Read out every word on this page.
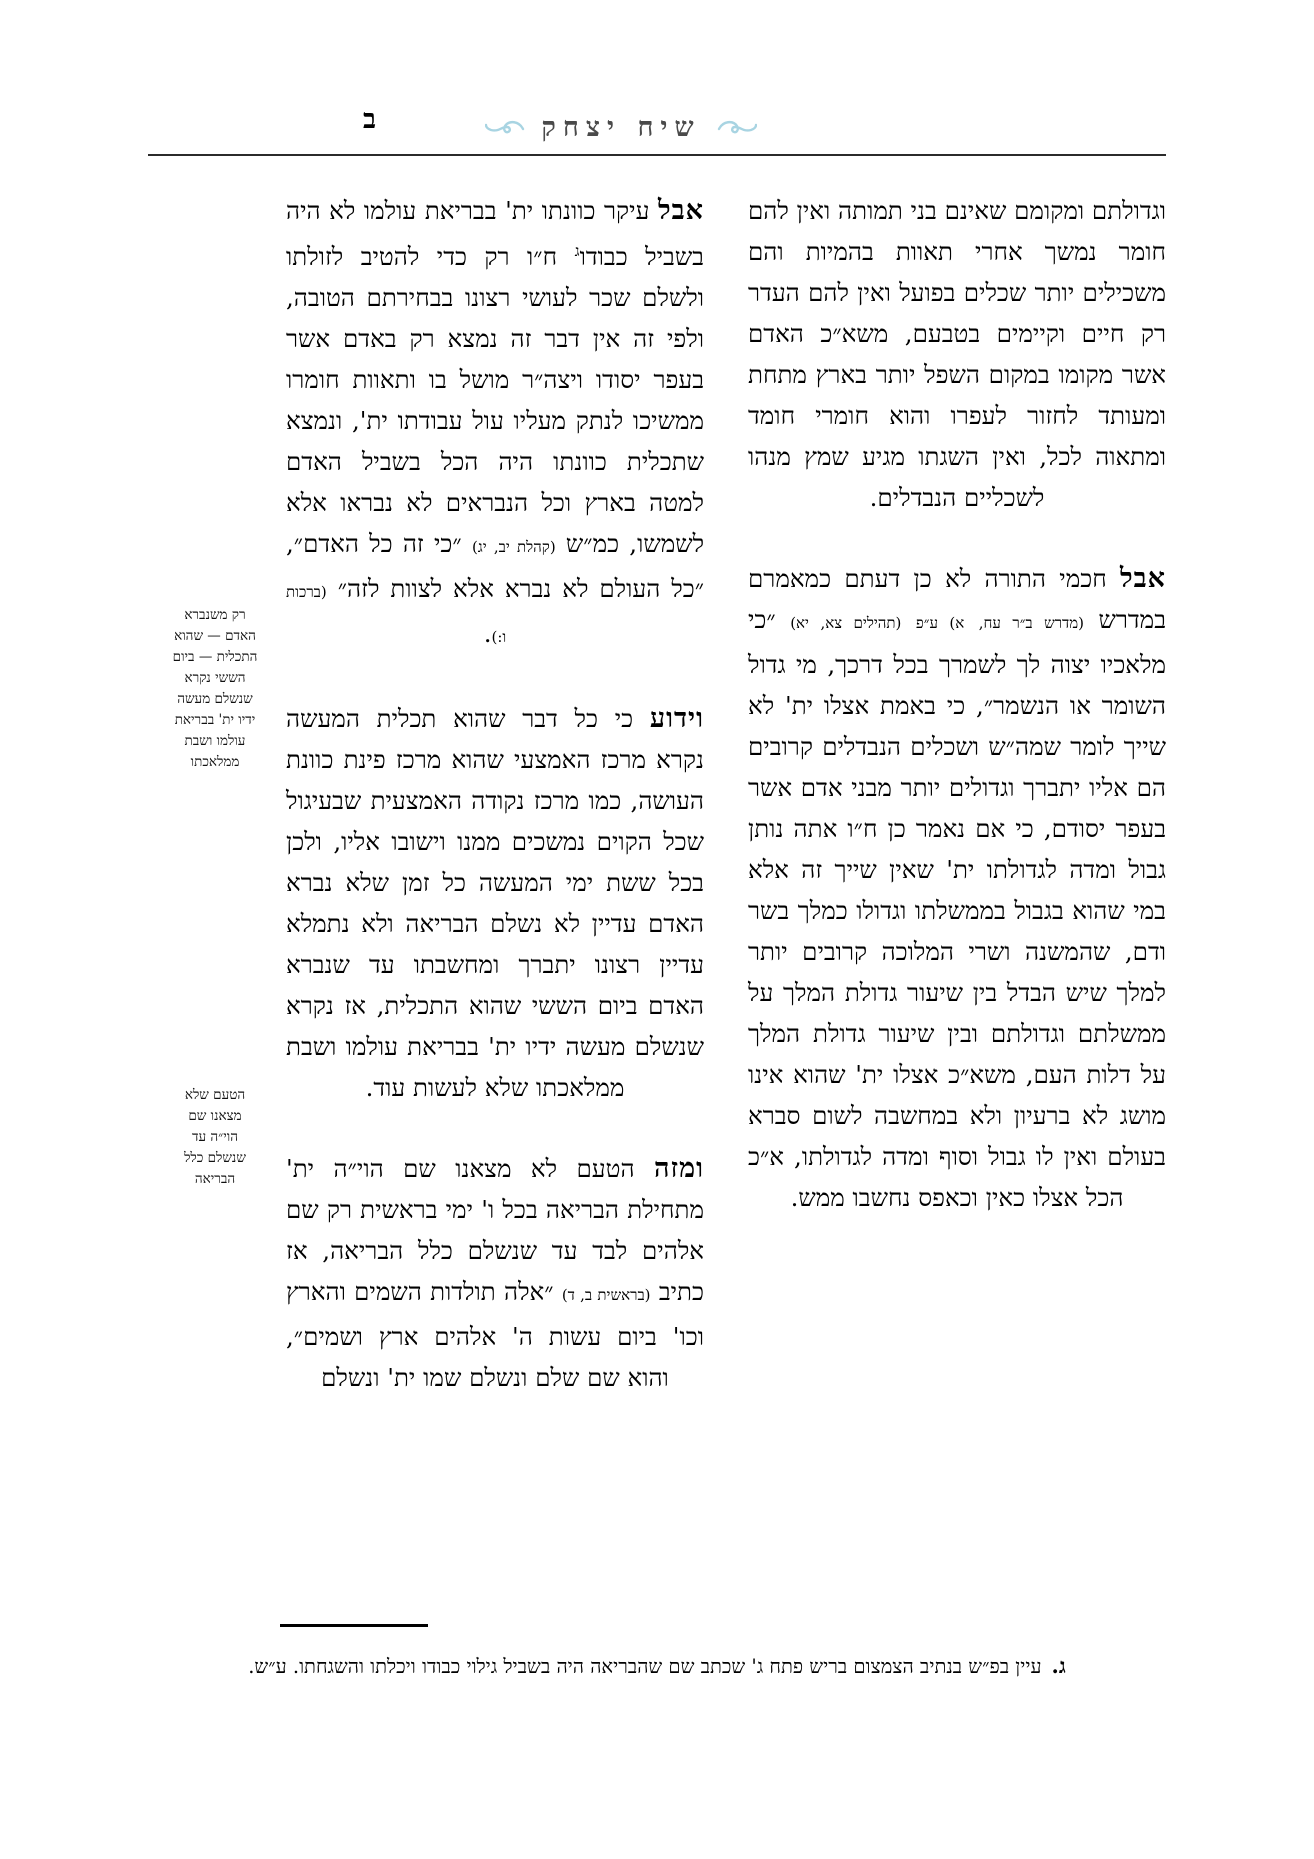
ב	שיח יצחק

וגדולתם ומקומם שאינם בני תמותה ואין להם חומר נמשך אחרי תאוות בהמיות והם משכילים יותר שכלים בפועל ואין להם העדר רק חיים וקיימים בטבעם, משא״כ האדם אשר מקומו במקום השפל יותר בארץ מתחת ומעותד לחזור לעפרו והוא חומרי חומד ומתאוה לכל, ואין השגתו מגיע שמץ מנהו לשכליים הנבדלים.

אבל חכמי התורה לא כן דעתם כמאמרם במדרש (מדרש ב״ר עח, א) ע״פ (תהילים צא, יא) ״כי מלאכיו יצוה לך לשמרך בכל דרכך, מי גדול השומר או הנשמר״, כי באמת אצלו ית' לא שייך לומר שמה״ש ושכלים הנבדלים קרובים הם אליו יתברך וגדולים יותר מבני אדם אשר בעפר יסודם, כי אם נאמר כן ח״ו אתה נותן גבול ומדה לגדולתו ית' שאין שייך זה אלא במי שהוא בגבול בממשלתו וגדולו כמלך בשר ודם, שהמשנה ושרי המלוכה קרובים יותר למלך שיש הבדל בין שיעור גדולת המלך על ממשלתם וגדולתם ובין שיעור גדולת המלך על דלות העם, משא״כ אצלו ית' שהוא אינו מושג לא ברעיון ולא במחשבה לשום סברא בעולם ואין לו גבול וסוף ומדה לגדולתו, א״כ הכל אצלו כאין וכאפס נחשבו ממש.

אבל עיקר כוונתו ית' בבריאת עולמו לא היה בשביל כבודו$^ג$ ח״ו רק כדי להטיב לזולתו ולשלם שכר לעושי רצונו בבחירתם הטובה, ולפי זה אין דבר זה נמצא רק באדם אשר בעפר יסודו ויצה״ר מושל בו ותאוות חומרו ממשיכו לנתק מעליו עול עבודתו ית', ונמצא שתכלית כוונתו היה הכל בשביל האדם למטה בארץ וכל הנבראים לא נבראו אלא לשמשו, כמ״ש (קהלת יב, יג) ״כי זה כל האדם״, ״כל העולם לא נברא אלא לצוות לזה״ (ברכות ו:).

וידוע כי כל דבר שהוא תכלית המעשה נקרא מרכז האמצעי שהוא מרכז פינת כוונת העושה, כמו מרכז נקודה האמצעית שבעיגול שכל הקוים נמשכים ממנו וישובו אליו, ולכן בכל ששת ימי המעשה כל זמן שלא נברא האדם עדיין לא נשלם הבריאה ולא נתמלא עדיין רצונו יתברך ומחשבתו עד שנברא האדם ביום הששי שהוא התכלית, אז נקרא שנשלם מעשה ידיו ית' בבריאת עולמו ושבת ממלאכתו שלא לעשות עוד.

ומזה הטעם לא מצאנו שם הוי״ה ית' מתחילת הבריאה בכל ו' ימי בראשית רק שם אלהים לבד עד שנשלם כלל הבריאה, אז כתיב (בראשית ב, ד) ״אלה תולדות השמים והארץ וכו' ביום עשות ה' אלהים ארץ ושמים״, והוא שם שלם ונשלם שמו ית' ונשלם

רק משנברא
האדם — שהוא
התכלית — ביום
הששי נקרא
שנשלם מעשה
ידיו ית' בבריאת
עולמו ושבת
ממלאכתו
הטעם שלא
מצאנו שם
הוי״ה עד
שנשלם כלל
הבריאה
ג.עיין בפ״ש בנתיב הצמצום בריש פתח ג' שכתב שם שהבריאה היה בשביל גילוי כבודו ויכלתו והשגחתו. ע״ש.
